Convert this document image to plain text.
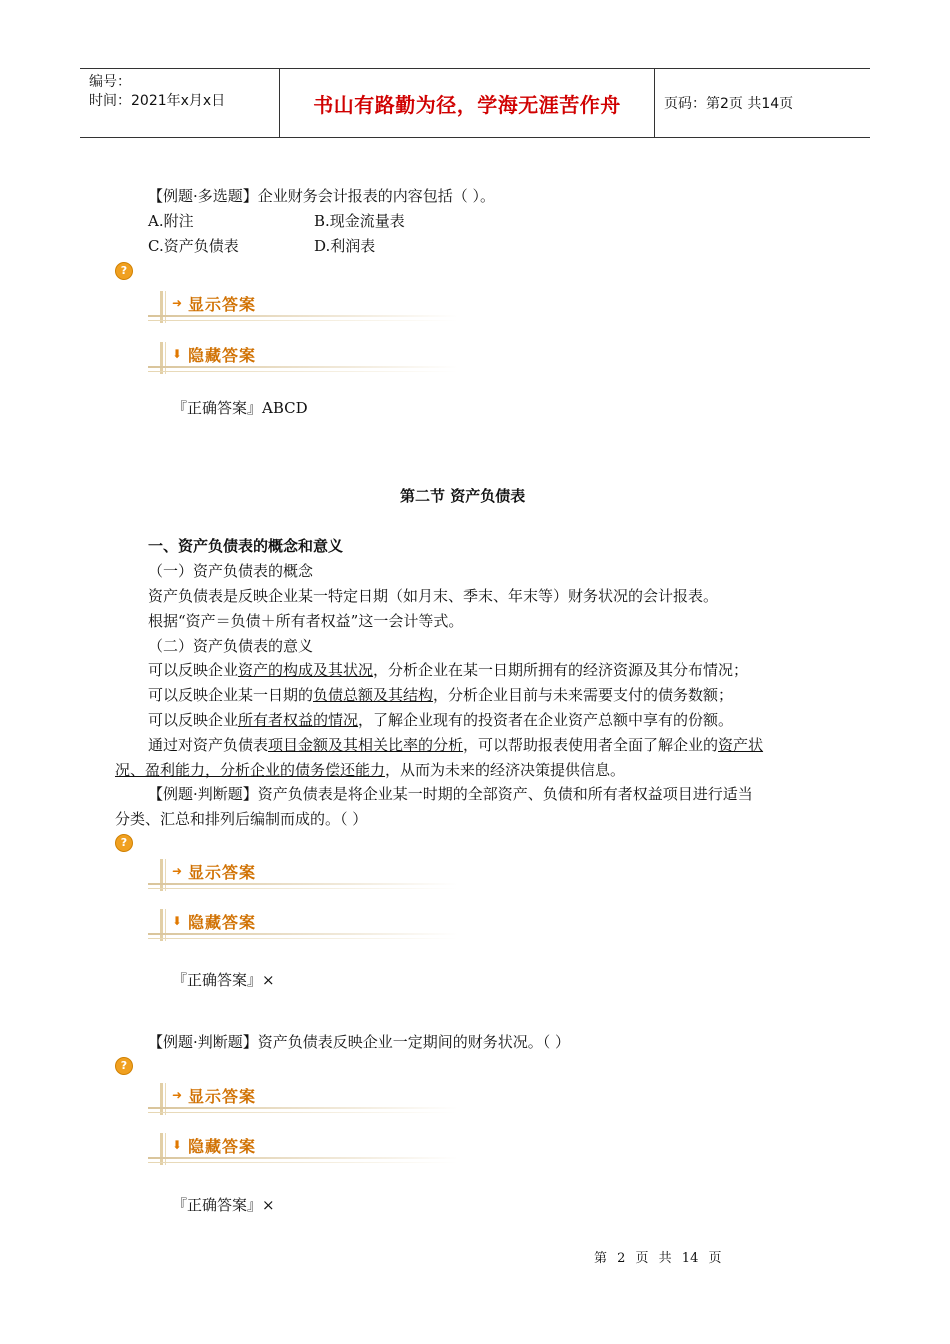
编号：
时间：2021年x月x日	书山有路勤为径，学海无涯苦作舟	页码：第2页 共14页
【例题·多选题】企业财务会计报表的内容包括（ ）。
A.附注	B.现金流量表
C.资产负债表	D.利润表
?
➜ 显示答案
⬇ 隐藏答案
『正确答案』ABCD
第二节 资产负债表
一、资产负债表的概念和意义
（一）资产负债表的概念
资产负债表是反映企业某一特定日期（如月末、季末、年末等）财务状况的会计报表。
根据“资产＝负债＋所有者权益”这一会计等式。
（二）资产负债表的意义
可以反映企业资产的构成及其状况，分析企业在某一日期所拥有的经济资源及其分布情况；
可以反映企业某一日期的负债总额及其结构，分析企业目前与未来需要支付的债务数额；
可以反映企业所有者权益的情况，了解企业现有的投资者在企业资产总额中享有的份额。
通过对资产负债表项目金额及其相关比率的分析，可以帮助报表使用者全面了解企业的资产状
况、盈利能力，分析企业的债务偿还能力，从而为未来的经济决策提供信息。
【例题·判断题】资产负债表是将企业某一时期的全部资产、负债和所有者权益项目进行适当
分类、汇总和排列后编制而成的。（ ）
?
➜ 显示答案
⬇ 隐藏答案
『正确答案』×
【例题·判断题】资产负债表反映企业一定期间的财务状况。（ ）
?
➜ 显示答案
⬇ 隐藏答案
『正确答案』×
第 2 页 共 14 页
